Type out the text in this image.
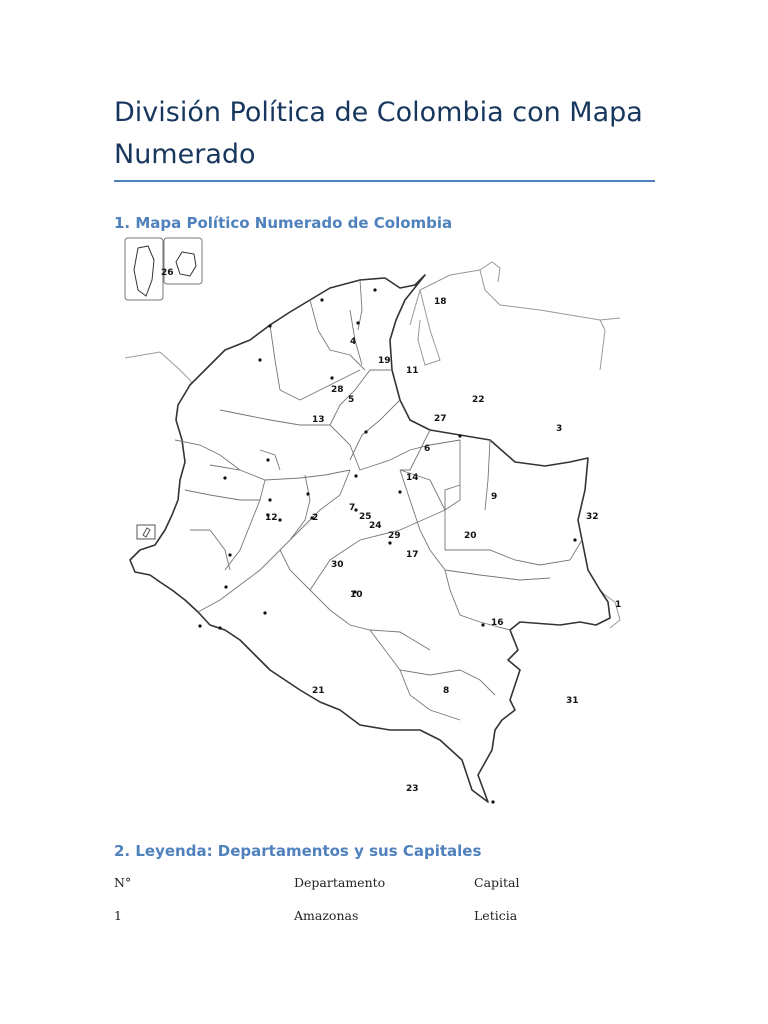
División Política de Colombia con Mapa Numerado
1. Mapa Político Numerado de Colombia
1
2
3
4
5
6
7
8
9
10
11
12
13
14
16
17
18
19
20
21
22
23
24
25
26
27
28
29
30
31
32
2. Leyenda: Departamentos y sus Capitales
N°	Departamento	Capital
1	Amazonas	Leticia
